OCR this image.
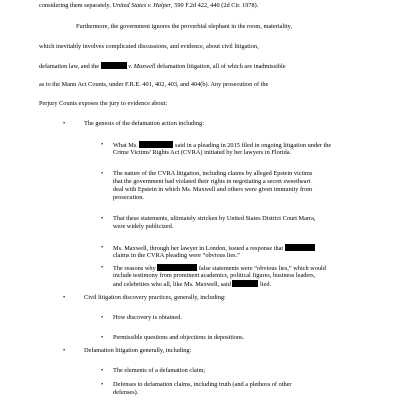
considering them separately. United States v. Halper, 590 F.2d 422, 440 (2d Cir. 1978).
Furthermore, the government ignores the proverbial elephant in the room, materiality,
which inevitably involves complicated discussions, and evidence, about civil litigation,
defamation law, and the	v. Maxwell defamation litigation, all of which are inadmissible
as to the Mann Act Counts, under F.R.E. 401, 402, 403, and 404(b). Any prosecution of the
Perjury Counts exposes the jury to evidence about:
•	The genesis of the defamation action including:
• What Ms.	said in a pleading in 2015 filed in ongoing litigation under the
Crime Victims' Rights Act (CVRA) initiated by her lawyers in Florida.
• The nature of the CVRA litigation, including claims by alleged Epstein victims
that the government had violated their rights in negotiating a secret sweetheart
deal with Epstein in which Ms. Maxwell and others were given immunity from
prosecution.
• That these statements, ultimately stricken by United States District Court Marra,
were widely publicized.
• Ms. Maxwell, through her lawyer in London, issued a response that
claims in the CVRA pleading were “obvious lies.”
• The reasons why	false statements were “obvious lies,” which would
include testimony from prominent academics, political figures, business leaders,
and celebrities who all, like Ms. Maxwell, said	lied.
•	Civil litigation discovery practices, generally, including:
• How discovery is obtained.
• Permissible questions and objections in depositions.
•	Defamation litigation generally, including:
• The elements of a defamation claim;
• Defenses to defamation claims, including truth (and a plethora of other
defenses).
